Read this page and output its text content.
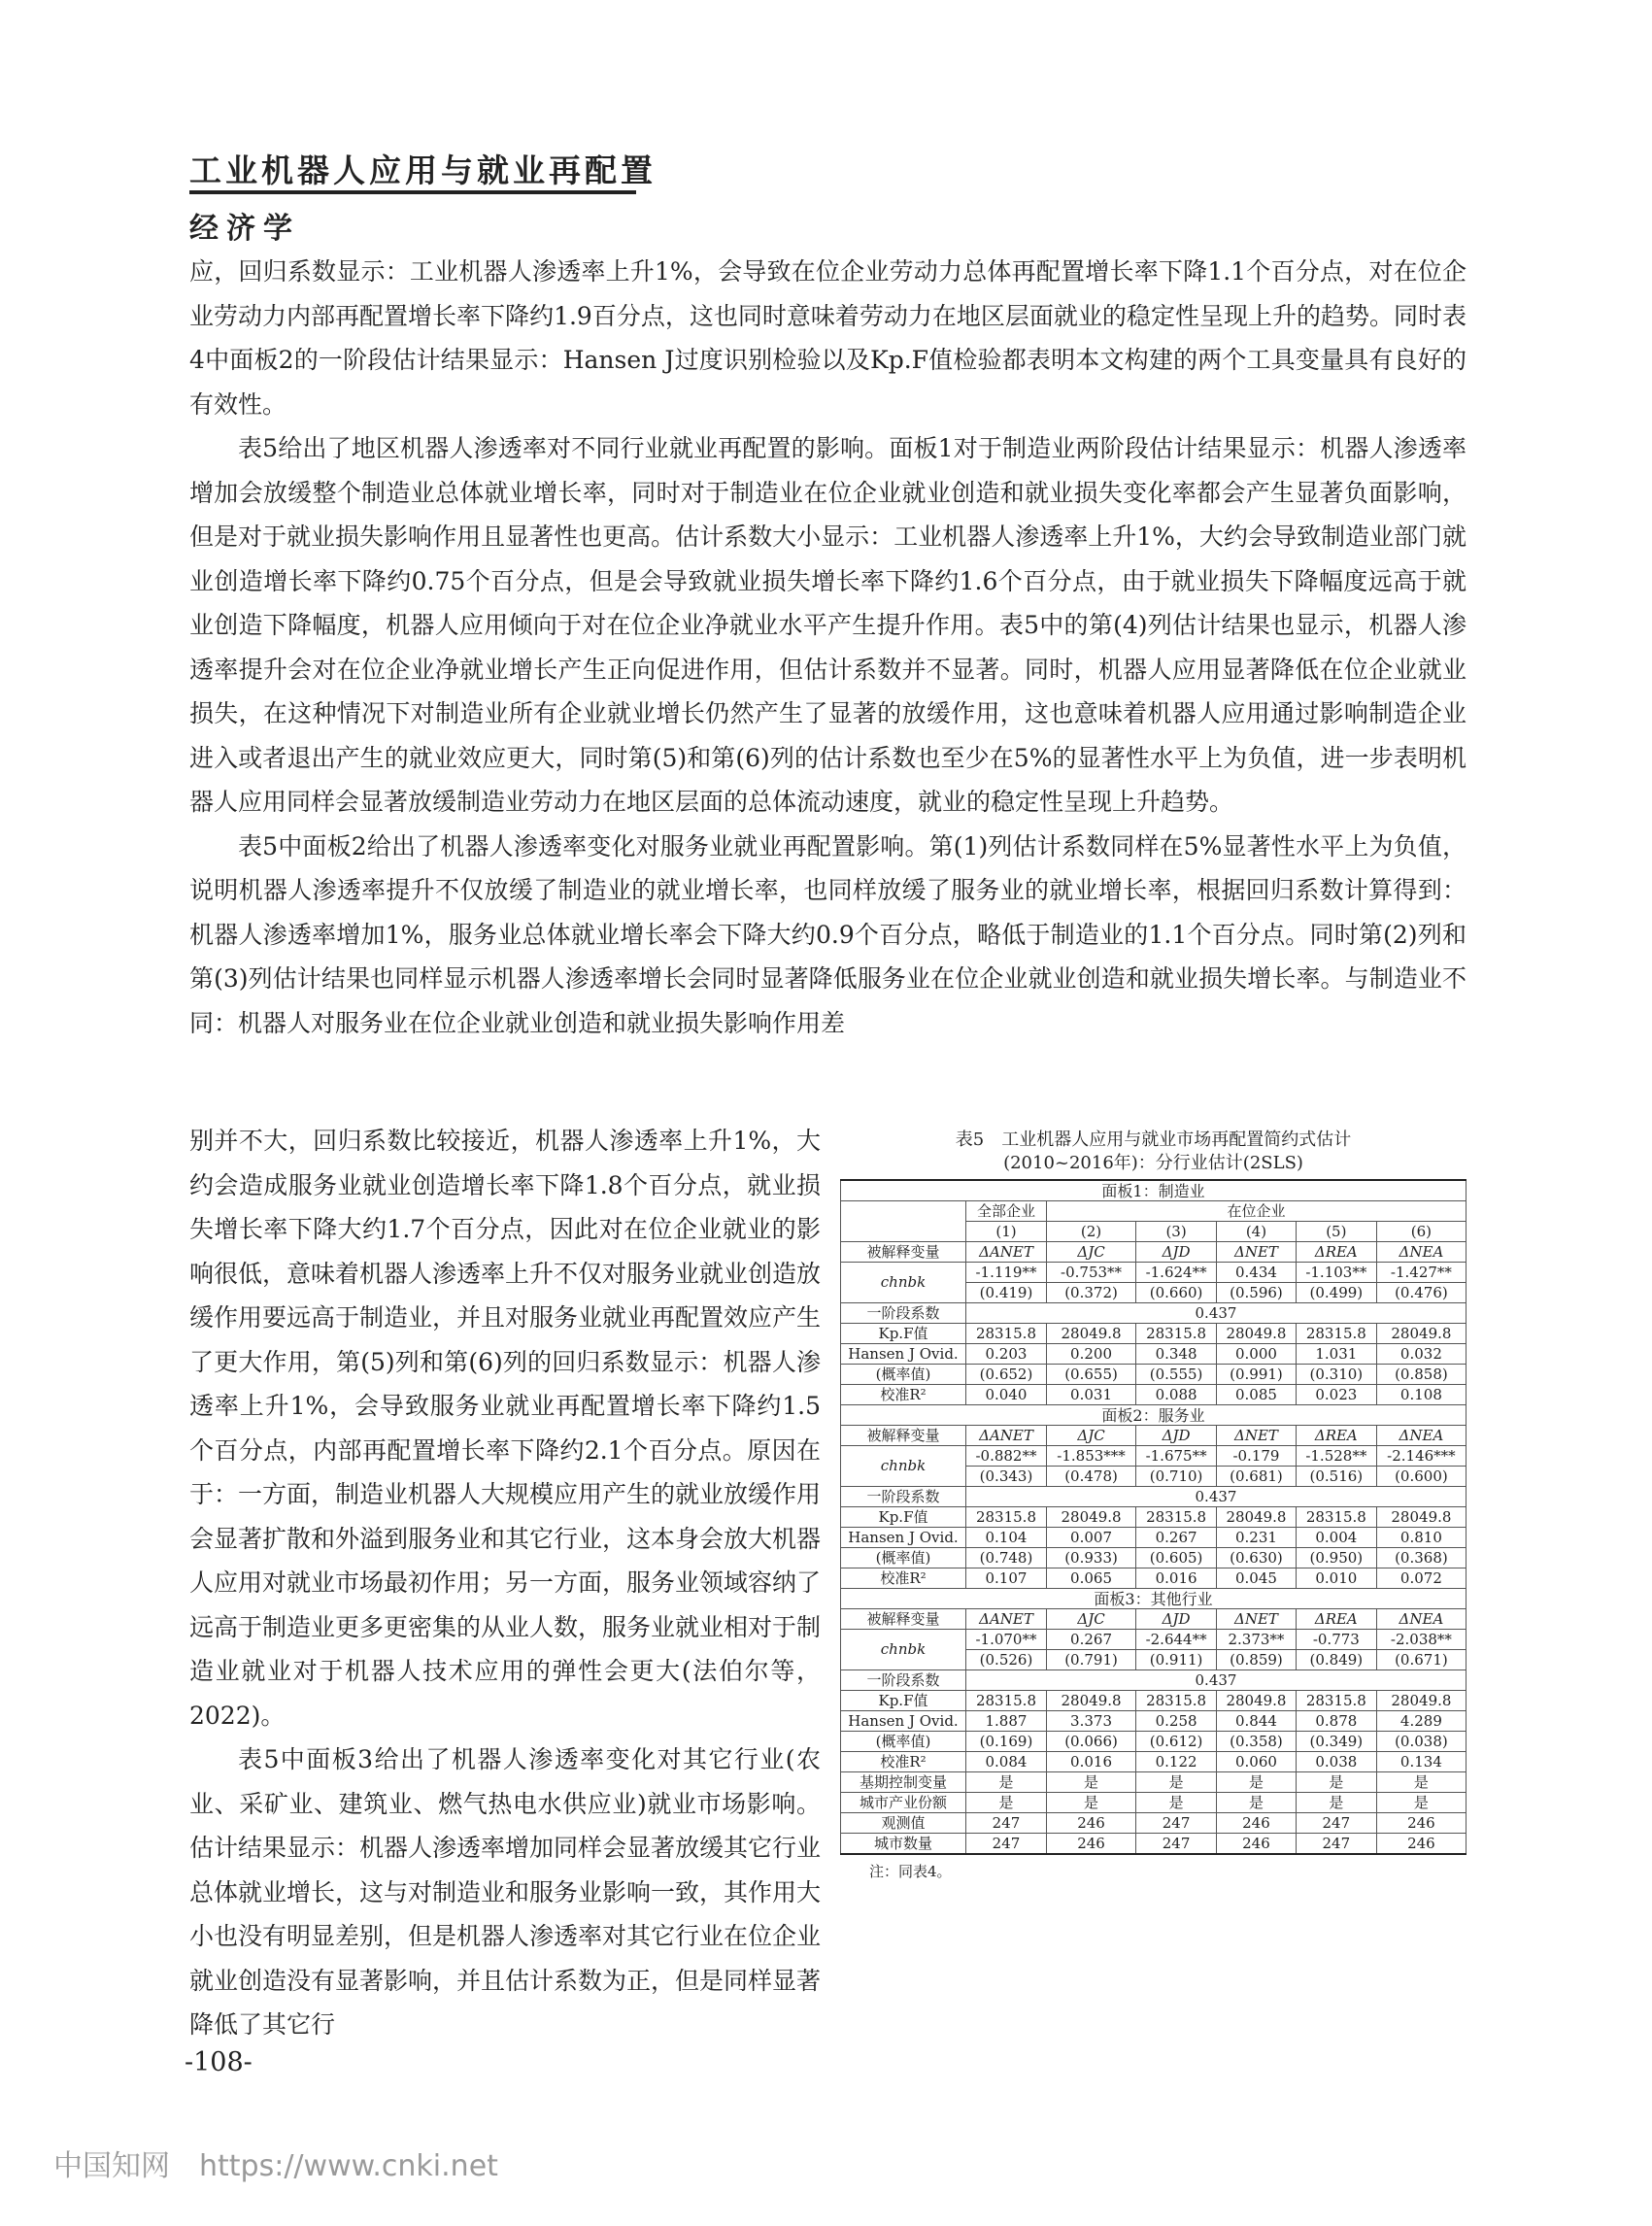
工业机器人应用与就业再配置
经济学

应，回归系数显示：工业机器人渗透率上升1%，会导致在位企业劳动力总体再配置增长率下降1.1个百分点，对在位企业劳动力内部再配置增长率下降约1.9百分点，这也同时意味着劳动力在地区层面就业的稳定性呈现上升的趋势。同时表4中面板2的一阶段估计结果显示：Hansen J过度识别检验以及Kp.F值检验都表明本文构建的两个工具变量具有良好的有效性。

表5给出了地区机器人渗透率对不同行业就业再配置的影响。面板1对于制造业两阶段估计结果显示：机器人渗透率增加会放缓整个制造业总体就业增长率，同时对于制造业在位企业就业创造和就业损失变化率都会产生显著负面影响，但是对于就业损失影响作用且显著性也更高。估计系数大小显示：工业机器人渗透率上升1%，大约会导致制造业部门就业创造增长率下降约0.75个百分点，但是会导致就业损失增长率下降约1.6个百分点，由于就业损失下降幅度远高于就业创造下降幅度，机器人应用倾向于对在位企业净就业水平产生提升作用。表5中的第(4)列估计结果也显示，机器人渗透率提升会对在位企业净就业增长产生正向促进作用，但估计系数并不显著。同时，机器人应用显著降低在位企业就业损失，在这种情况下对制造业所有企业就业增长仍然产生了显著的放缓作用，这也意味着机器人应用通过影响制造企业进入或者退出产生的就业效应更大，同时第(5)和第(6)列的估计系数也至少在5%的显著性水平上为负值，进一步表明机器人应用同样会显著放缓制造业劳动力在地区层面的总体流动速度，就业的稳定性呈现上升趋势。

表5中面板2给出了机器人渗透率变化对服务业就业再配置影响。第(1)列估计系数同样在5%显著性水平上为负值，说明机器人渗透率提升不仅放缓了制造业的就业增长率，也同样放缓了服务业的就业增长率，根据回归系数计算得到：机器人渗透率增加1%，服务业总体就业增长率会下降大约0.9个百分点，略低于制造业的1.1个百分点。同时第(2)列和第(3)列估计结果也同样显示机器人渗透率增长会同时显著降低服务业在位企业就业创造和就业损失增长率。与制造业不同：机器人对服务业在位企业就业创造和就业损失影响作用差

别并不大，回归系数比较接近，机器人渗透率上升1%，大约会造成服务业就业创造增长率下降1.8个百分点，就业损失增长率下降大约1.7个百分点，因此对在位企业就业的影响很低，意味着机器人渗透率上升不仅对服务业就业创造放缓作用要远高于制造业，并且对服务业就业再配置效应产生了更大作用，第(5)列和第(6)列的回归系数显示：机器人渗透率上升1%，会导致服务业就业再配置增长率下降约1.5个百分点，内部再配置增长率下降约2.1个百分点。原因在于：一方面，制造业机器人大规模应用产生的就业放缓作用会显著扩散和外溢到服务业和其它行业，这本身会放大机器人应用对就业市场最初作用；另一方面，服务业领域容纳了远高于制造业更多更密集的从业人数，服务业就业相对于制造业就业对于机器人技术应用的弹性会更大(法伯尔等，2022)。

表5中面板3给出了机器人渗透率变化对其它行业(农业、采矿业、建筑业、燃气热电水供应业)就业市场影响。估计结果显示：机器人渗透率增加同样会显著放缓其它行业总体就业增长，这与对制造业和服务业影响一致，其作用大小也没有明显差别，但是机器人渗透率对其它行业在位企业就业创造没有显著影响，并且估计系数为正，但是同样显著降低了其它行

表5　工业机器人应用与就业市场再配置简约式估计
(2010~2016年)：分行业估计(2SLS)
面板1：制造业						
	全部企业	在位企业				
	(1)	(2)	(3)	(4)	(5)	(6)
被解释变量	ΔANET	ΔJC	ΔJD	ΔNET	ΔREA	ΔNEA
chnbk	-1.119**	-0.753**	-1.624**	0.434	-1.103**	-1.427**
	(0.419)	(0.372)	(0.660)	(0.596)	(0.499)	(0.476)
一阶段系数	0.437					
Kp.F值	28315.8	28049.8	28315.8	28049.8	28315.8	28049.8
Hansen J Ovid.	0.203	0.200	0.348	0.000	1.031	0.032
(概率值)	(0.652)	(0.655)	(0.555)	(0.991)	(0.310)	(0.858)
校准R²	0.040	0.031	0.088	0.085	0.023	0.108
面板2：服务业						
被解释变量	ΔANET	ΔJC	ΔJD	ΔNET	ΔREA	ΔNEA
chnbk	-0.882**	-1.853***	-1.675**	-0.179	-1.528**	-2.146***
	(0.343)	(0.478)	(0.710)	(0.681)	(0.516)	(0.600)
一阶段系数	0.437					
Kp.F值	28315.8	28049.8	28315.8	28049.8	28315.8	28049.8
Hansen J Ovid.	0.104	0.007	0.267	0.231	0.004	0.810
(概率值)	(0.748)	(0.933)	(0.605)	(0.630)	(0.950)	(0.368)
校准R²	0.107	0.065	0.016	0.045	0.010	0.072
面板3：其他行业						
被解释变量	ΔANET	ΔJC	ΔJD	ΔNET	ΔREA	ΔNEA
chnbk	-1.070**	0.267	-2.644**	2.373**	-0.773	-2.038**
	(0.526)	(0.791)	(0.911)	(0.859)	(0.849)	(0.671)
一阶段系数	0.437					
Kp.F值	28315.8	28049.8	28315.8	28049.8	28315.8	28049.8
Hansen J Ovid.	1.887	3.373	0.258	0.844	0.878	4.289
(概率值)	(0.169)	(0.066)	(0.612)	(0.358)	(0.349)	(0.038)
校准R²	0.084	0.016	0.122	0.060	0.038	0.134
基期控制变量	是	是	是	是	是	是
城市产业份额	是	是	是	是	是	是
观测值	247	246	247	246	247	246
城市数量	247	246	247	246	247	246
注：同表4。
-108-
中国知网 https://www.cnki.net
